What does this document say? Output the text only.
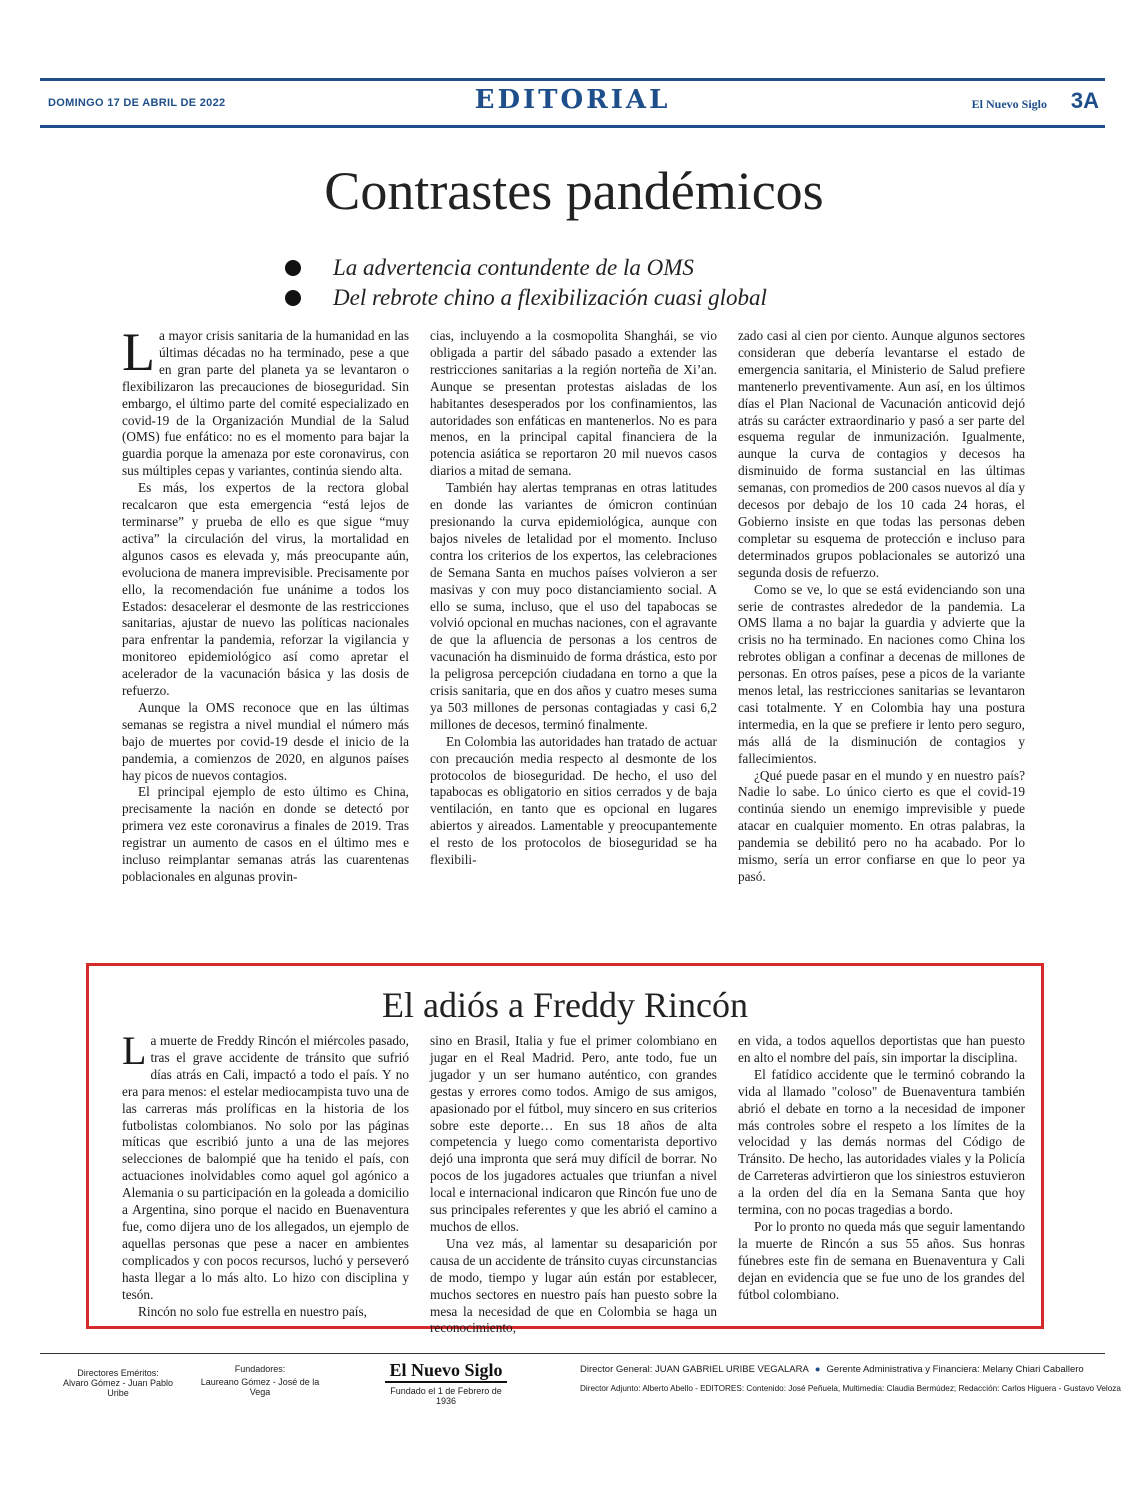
DOMINGO 17 DE ABRIL DE 2022	EDITORIAL	El Nuevo Siglo 3A
Contrastes pandémicos
La advertencia contundente de la OMS
Del rebrote chino a flexibilización cuasi global

La mayor crisis sanitaria de la humanidad en las últimas décadas no ha terminado, pese a que en gran parte del planeta ya se levantaron o flexibilizaron las precauciones de bioseguridad. Sin embargo, el último parte del comité especializado en covid-19 de la Organización Mundial de la Salud (OMS) fue enfático: no es el momento para bajar la guardia porque la amenaza por este coronavirus, con sus múltiples cepas y variantes, continúa siendo alta.

Es más, los expertos de la rectora global recalcaron que esta emergencia “está lejos de terminarse” y prueba de ello es que sigue “muy activa” la circulación del virus, la mortalidad en algunos casos es elevada y, más preocupante aún, evoluciona de manera imprevisible. Precisamente por ello, la recomendación fue unánime a todos los Estados: desacelerar el desmonte de las restricciones sanitarias, ajustar de nuevo las políticas nacionales para enfrentar la pandemia, reforzar la vigilancia y monitoreo epidemiológico así como apretar el acelerador de la vacunación básica y las dosis de refuerzo.

Aunque la OMS reconoce que en las últimas semanas se registra a nivel mundial el número más bajo de muertes por covid-19 desde el inicio de la pandemia, a comienzos de 2020, en algunos países hay picos de nuevos contagios.

El principal ejemplo de esto último es China, precisamente la nación en donde se detectó por primera vez este coronavirus a finales de 2019. Tras registrar un aumento de casos en el último mes e incluso reimplantar semanas atrás las cuarentenas poblacionales en algunas provin-

cias, incluyendo a la cosmopolita Shanghái, se vio obligada a partir del sábado pasado a extender las restricciones sanitarias a la región norteña de Xi’an. Aunque se presentan protestas aisladas de los habitantes desesperados por los confinamientos, las autoridades son enfáticas en mantenerlos. No es para menos, en la principal capital financiera de la potencia asiática se reportaron 20 mil nuevos casos diarios a mitad de semana.

También hay alertas tempranas en otras latitudes en donde las variantes de ómicron continúan presionando la curva epidemiológica, aunque con bajos niveles de letalidad por el momento. Incluso contra los criterios de los expertos, las celebraciones de Semana Santa en muchos países volvieron a ser masivas y con muy poco distanciamiento social. A ello se suma, incluso, que el uso del tapabocas se volvió opcional en muchas naciones, con el agravante de que la afluencia de personas a los centros de vacunación ha disminuido de forma drástica, esto por la peligrosa percepción ciudadana en torno a que la crisis sanitaria, que en dos años y cuatro meses suma ya 503 millones de personas contagiadas y casi 6,2 millones de decesos, terminó finalmente.

En Colombia las autoridades han tratado de actuar con precaución media respecto al desmonte de los protocolos de bioseguridad. De hecho, el uso del tapabocas es obligatorio en sitios cerrados y de baja ventilación, en tanto que es opcional en lugares abiertos y aireados. Lamentable y preocupantemente el resto de los protocolos de bioseguridad se ha flexibili-

zado casi al cien por ciento. Aunque algunos sectores consideran que debería levantarse el estado de emergencia sanitaria, el Ministerio de Salud prefiere mantenerlo preventivamente. Aun así, en los últimos días el Plan Nacional de Vacunación anticovid dejó atrás su carácter extraordinario y pasó a ser parte del esquema regular de inmunización. Igualmente, aunque la curva de contagios y decesos ha disminuido de forma sustancial en las últimas semanas, con promedios de 200 casos nuevos al día y decesos por debajo de los 10 cada 24 horas, el Gobierno insiste en que todas las personas deben completar su esquema de protección e incluso para determinados grupos poblacionales se autorizó una segunda dosis de refuerzo.

Como se ve, lo que se está evidenciando son una serie de contrastes alrededor de la pandemia. La OMS llama a no bajar la guardia y advierte que la crisis no ha terminado. En naciones como China los rebrotes obligan a confinar a decenas de millones de personas. En otros países, pese a picos de la variante menos letal, las restricciones sanitarias se levantaron casi totalmente. Y en Colombia hay una postura intermedia, en la que se prefiere ir lento pero seguro, más allá de la disminución de contagios y fallecimientos.

¿Qué puede pasar en el mundo y en nuestro país? Nadie lo sabe. Lo único cierto es que el covid-19 continúa siendo un enemigo imprevisible y puede atacar en cualquier momento. En otras palabras, la pandemia se debilitó pero no ha acabado. Por lo mismo, sería un error confiarse en que lo peor ya pasó.

El adiós a Freddy Rincón

La muerte de Freddy Rincón el miércoles pasado, tras el grave accidente de tránsito que sufrió días atrás en Cali, impactó a todo el país. Y no era para menos: el estelar mediocampista tuvo una de las carreras más prolíficas en la historia de los futbolistas colombianos. No solo por las páginas míticas que escribió junto a una de las mejores selecciones de balompié que ha tenido el país, con actuaciones inolvidables como aquel gol agónico a Alemania o su participación en la goleada a domicilio a Argentina, sino porque el nacido en Buenaventura fue, como dijera uno de los allegados, un ejemplo de aquellas personas que pese a nacer en ambientes complicados y con pocos recursos, luchó y perseveró hasta llegar a lo más alto. Lo hizo con disciplina y tesón.

Rincón no solo fue estrella en nuestro país,

sino en Brasil, Italia y fue el primer colombiano en jugar en el Real Madrid. Pero, ante todo, fue un jugador y un ser humano auténtico, con grandes gestas y errores como todos. Amigo de sus amigos, apasionado por el fútbol, muy sincero en sus criterios sobre este deporte… En sus 18 años de alta competencia y luego como comentarista deportivo dejó una impronta que será muy difícil de borrar. No pocos de los jugadores actuales que triunfan a nivel local e internacional indicaron que Rincón fue uno de sus principales referentes y que les abrió el camino a muchos de ellos.

Una vez más, al lamentar su desaparición por causa de un accidente de tránsito cuyas circunstancias de modo, tiempo y lugar aún están por establecer, muchos sectores en nuestro país han puesto sobre la mesa la necesidad de que en Colombia se haga un reconocimiento,

en vida, a todos aquellos deportistas que han puesto en alto el nombre del país, sin importar la disciplina.

El fatídico accidente que le terminó cobrando la vida al llamado "coloso" de Buenaventura también abrió el debate en torno a la necesidad de imponer más controles sobre el respeto a los límites de la velocidad y las demás normas del Código de Tránsito. De hecho, las autoridades viales y la Policía de Carreteras advirtieron que los siniestros estuvieron a la orden del día en la Semana Santa que hoy termina, con no pocas tragedias a bordo.

Por lo pronto no queda más que seguir lamentando la muerte de Rincón a sus 55 años. Sus honras fúnebres este fin de semana en Buenaventura y Cali dejan en evidencia que se fue uno de los grandes del fútbol colombiano.

Directores Eméritos:
Alvaro Gómez - Juan Pablo Uribe
Fundadores:
Laureano Gómez - José de la Vega
El Nuevo Siglo
Fundado el 1 de Febrero de 1936
Director General: JUAN GABRIEL URIBE VEGALARA ● Gerente Administrativa y Financiera: Melany Chiari Caballero
Director Adjunto: Alberto Abello - EDITORES: Contenido: José Peñuela, Multimedia: Claudia Bermúdez; Redacción: Carlos Higuera - Gustavo Veloza
